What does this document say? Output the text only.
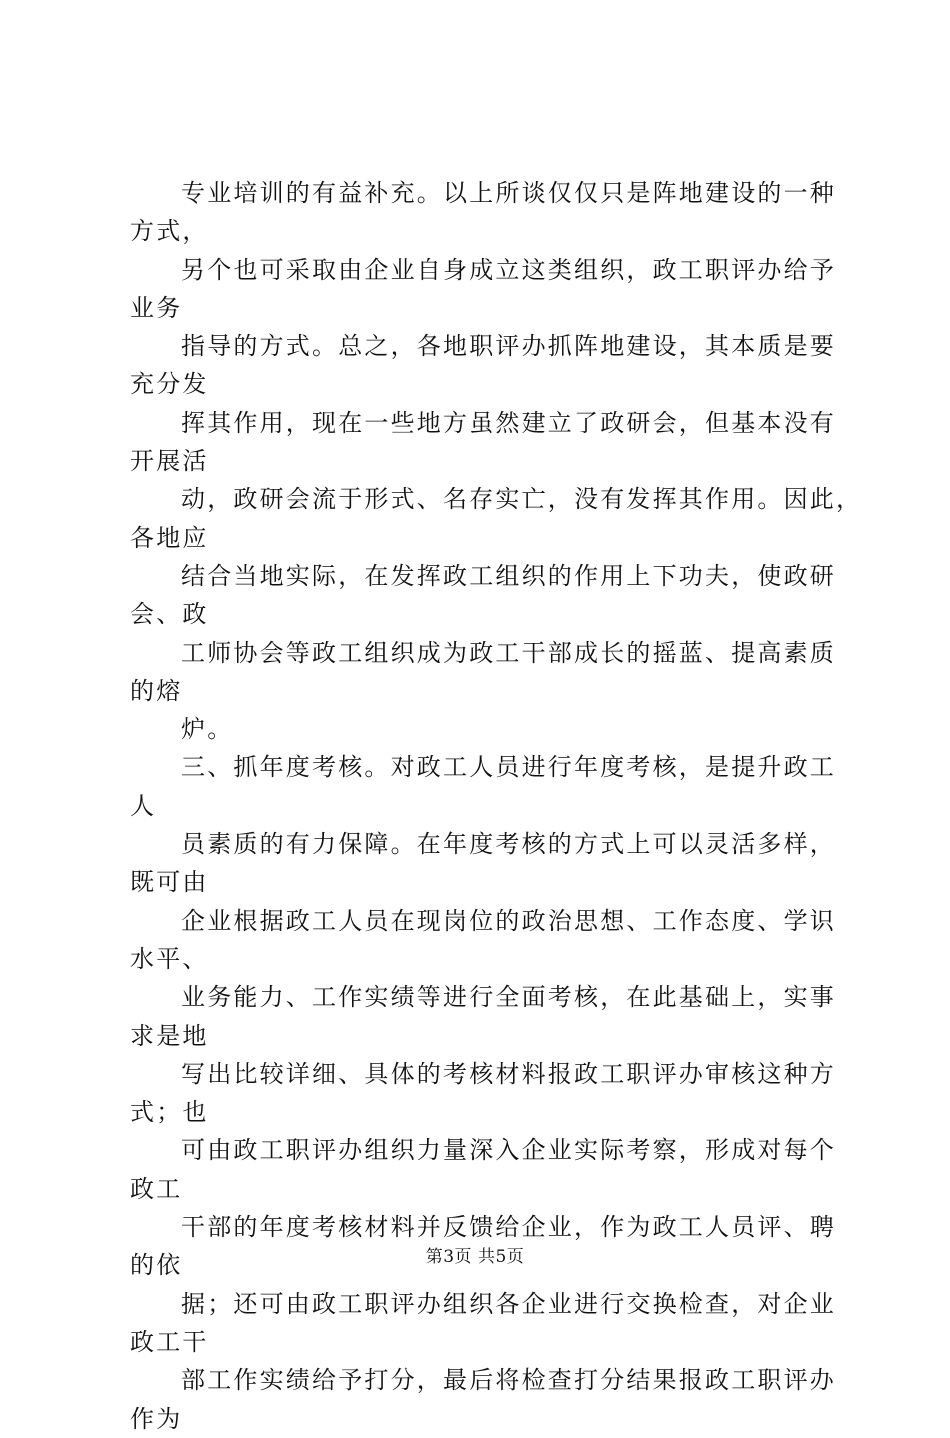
专业培训的有益补充。以上所谈仅仅只是阵地建设的一种
方式，
另个也可采取由企业自身成立这类组织，政工职评办给予
业务
指导的方式。总之，各地职评办抓阵地建设，其本质是要
充分发
挥其作用，现在一些地方虽然建立了政研会，但基本没有
开展活
动，政研会流于形式、名存实亡，没有发挥其作用。因此，
各地应
结合当地实际，在发挥政工组织的作用上下功夫，使政研
会、政
工师协会等政工组织成为政工干部成长的摇蓝、提高素质
的熔
炉。
三、抓年度考核。对政工人员进行年度考核，是提升政工
人
员素质的有力保障。在年度考核的方式上可以灵活多样，
既可由
企业根据政工人员在现岗位的政治思想、工作态度、学识
水平、
业务能力、工作实绩等进行全面考核，在此基础上，实事
求是地
写出比较详细、具体的考核材料报政工职评办审核这种方
式；也
可由政工职评办组织力量深入企业实际考察，形成对每个
政工
干部的年度考核材料并反馈给企业，作为政工人员评、聘
的依
据；还可由政工职评办组织各企业进行交换检查，对企业
政工干
部工作实绩给予打分，最后将检查打分结果报政工职评办
作为
第3页 共5页
